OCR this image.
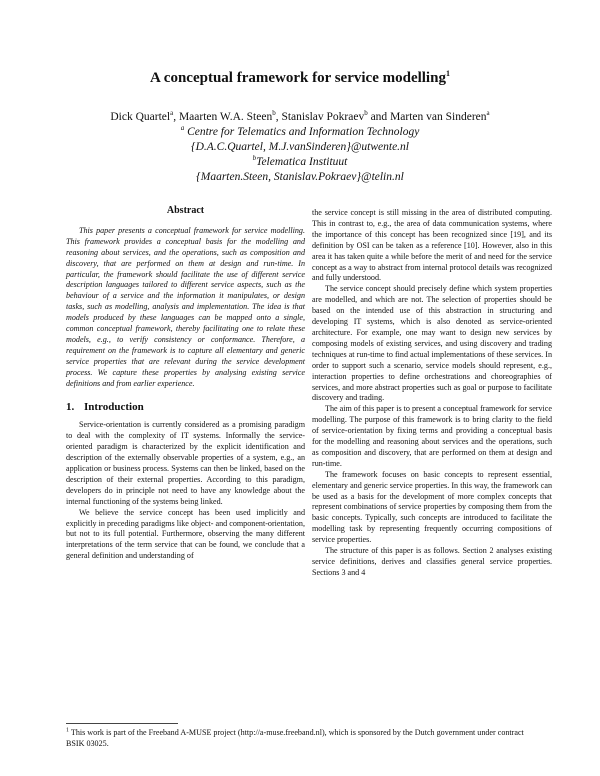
A conceptual framework for service modelling$^1$
Dick Quartel$^a$, Maarten W.A. Steen$^b$, Stanislav Pokraev$^b$ and Marten van Sinderen$^a$
$^a$ Centre for Telematics and Information Technology
{D.A.C.Quartel, M.J.vanSinderen}@utwente.nl
$^b$Telematica Instituut
{Maarten.Steen, Stanislav.Pokraev}@telin.nl
Abstract

This paper presents a conceptual framework for service modelling. This framework provides a conceptual basis for the modelling and reasoning about services, and the operations, such as composition and discovery, that are performed on them at design and run-time. In particular, the framework should facilitate the use of different service description languages tailored to different service aspects, such as the behaviour of a service and the information it manipulates, or design tasks, such as modelling, analysis and implementation. The idea is that models produced by these languages can be mapped onto a single, common conceptual framework, thereby facilitating one to relate these models, e.g., to verify consistency or conformance. Therefore, a requirement on the framework is to capture all elementary and generic service properties that are relevant during the service development process. We capture these properties by analysing existing service definitions and from earlier experience.

1. Introduction

Service-orientation is currently considered as a promising paradigm to deal with the complexity of IT systems. Informally the service-oriented paradigm is characterized by the explicit identification and description of the externally observable properties of a system, e.g., an application or business process. Systems can then be linked, based on the description of their external properties. According to this paradigm, developers do in principle not need to have any knowledge about the internal functioning of the systems being linked.

We believe the service concept has been used implicitly and explicitly in preceding paradigms like object- and component-orientation, but not to its full potential. Furthermore, observing the many different interpretations of the term service that can be found, we conclude that a general definition and understanding of

the service concept is still missing in the area of distributed computing. This in contrast to, e.g., the area of data communication systems, where the importance of this concept has been recognized since [19], and its definition by OSI can be taken as a reference [10]. However, also in this area it has taken quite a while before the merit of and need for the service concept as a way to abstract from internal protocol details was recognized and fully understood.

The service concept should precisely define which system properties are modelled, and which are not. The selection of properties should be based on the intended use of this abstraction in structuring and developing IT systems, which is also denoted as service-oriented architecture. For example, one may want to design new services by composing models of existing services, and using discovery and trading techniques at run-time to find actual implementations of these services. In order to support such a scenario, service models should represent, e.g., interaction properties to define orchestrations and choreographies of services, and more abstract properties such as goal or purpose to facilitate discovery and trading.

The aim of this paper is to present a conceptual framework for service modelling. The purpose of this framework is to bring clarity to the field of service-orientation by fixing terms and providing a conceptual basis for the modelling and reasoning about services and the operations, such as composition and discovery, that are performed on them at design and run-time.

The framework focuses on basic concepts to represent essential, elementary and generic service properties. In this way, the framework can be used as a basis for the development of more complex concepts that represent combinations of service properties by composing them from the basic concepts. Typically, such concepts are introduced to facilitate the modelling task by representing frequently occurring compositions of service properties.

The structure of this paper is as follows. Section 2 analyses existing service definitions, derives and classifies general service properties. Sections 3 and 4

$^1$ This work is part of the Freeband A-MUSE project (http://a-muse.freeband.nl), which is sponsored by the Dutch government under contract BSIK 03025.
